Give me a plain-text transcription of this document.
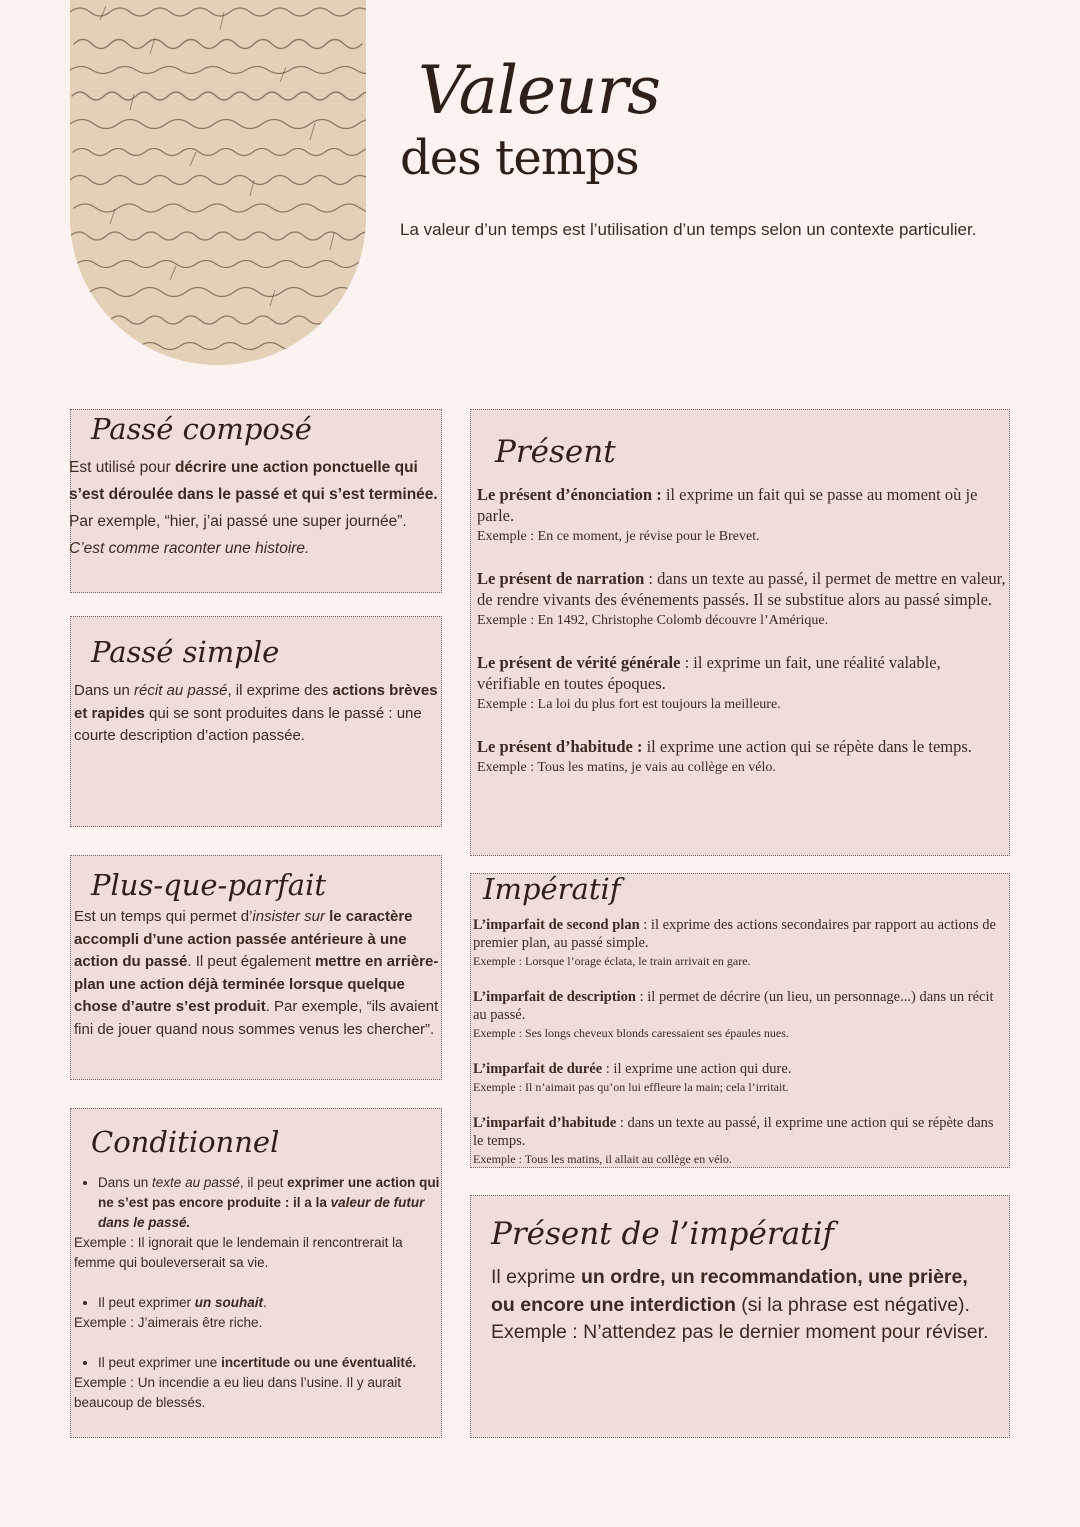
Valeurs
des temps
La valeur d’un temps est l’utilisation d’un temps selon un contexte particulier.
Passé composé

Est utilisé pour décrire une action ponctuelle qui s’est déroulée dans le passé et qui s’est terminée. Par exemple, “hier, j’ai passé une super journée”. C’est comme raconter une histoire.

Passé simple

Dans un récit au passé, il exprime des actions brèves et rapides qui se sont produites dans le passé : une courte description d’action passée.

Plus-que-parfait

Est un temps qui permet d’insister sur le caractère accompli d’une action passée antérieure à une action du passé. Il peut également mettre en arrière-plan une action déjà terminée lorsque quelque chose d’autre s’est produit. Par exemple, “ils avaient fini de jouer quand nous sommes venus les chercher”.

Conditionnel
• Dans un texte au passé, il peut exprimer une action qui ne s’est pas encore produite : il a la valeur de futur dans le passé.

Exemple : Il ignorait que le lendemain il rencontrerait la femme qui bouleverserait sa vie.

• Il peut exprimer un souhait.

Exemple : J’aimerais être riche.

• Il peut exprimer une incertitude ou une éventualité.

Exemple : Un incendie a eu lieu dans l’usine. Il y aurait beaucoup de blessés.

Présent

Le présent d’énonciation : il exprime un fait qui se passe au moment où je parle.

Exemple : En ce moment, je révise pour le Brevet.

Le présent de narration : dans un texte au passé, il permet de mettre en valeur, de rendre vivants des événements passés. Il se substitue alors au passé simple.

Exemple : En 1492, Christophe Colomb découvre l’Amérique.

Le présent de vérité générale : il exprime un fait, une réalité valable, vérifiable en toutes époques.

Exemple : La loi du plus fort est toujours la meilleure.

Le présent d’habitude : il exprime une action qui se répète dans le temps.

Exemple : Tous les matins, je vais au collège en vélo.

Impératif

L’imparfait de second plan : il exprime des actions secondaires par rapport au actions de premier plan, au passé simple.

Exemple : Lorsque l’orage éclata, le train arrivait en gare.

L’imparfait de description : il permet de décrire (un lieu, un personnage...) dans un récit au passé.

Exemple : Ses longs cheveux blonds caressaient ses épaules nues.

L’imparfait de durée : il exprime une action qui dure.

Exemple : Il n’aimait pas qu’on lui effleure la main; cela l’irritait.

L’imparfait d’habitude : dans un texte au passé, il exprime une action qui se répète dans le temps.

Exemple : Tous les matins, il allait au collège en vélo.

Présent de l’impératif

Il exprime un ordre, un recommandation, une prière, ou encore une interdiction (si la phrase est négative).

Exemple : N’attendez pas le dernier moment pour réviser.
